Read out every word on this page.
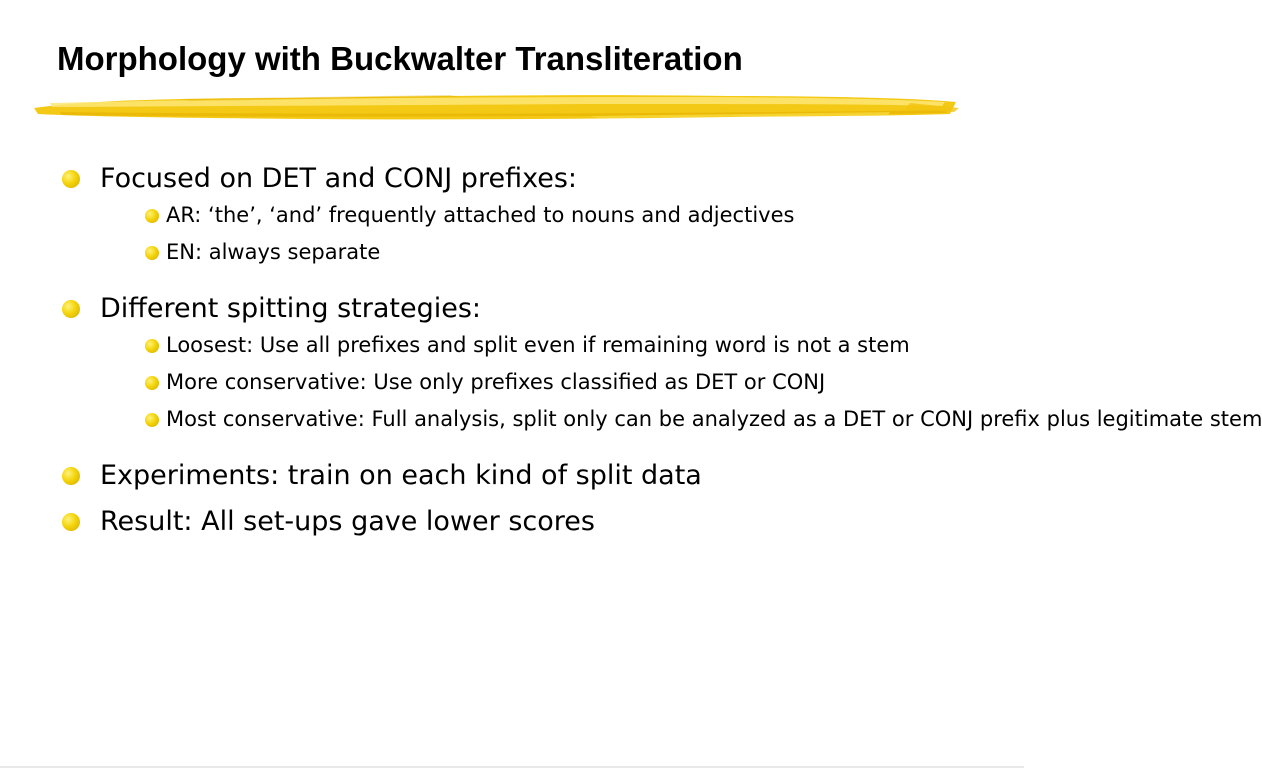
Morphology with Buckwalter Transliteration
Focused on DET and CONJ prefixes:
AR: ‘the’, ‘and’ frequently attached to nouns and adjectives
EN: always separate
Different spitting strategies:
Loosest: Use all prefixes and split even if remaining word is not a stem
More conservative: Use only prefixes classified as DET or CONJ
Most conservative: Full analysis, split only can be analyzed as a DET or CONJ prefix plus legitimate stem
Experiments: train on each kind of split data
Result: All set-ups gave lower scores
